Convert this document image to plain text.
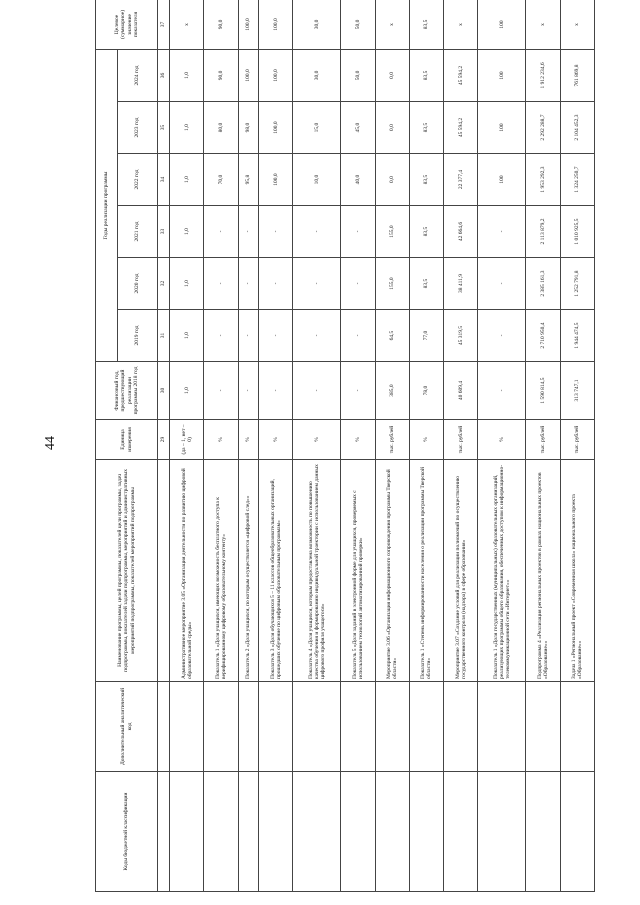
44
Коды бюджетной классификации	Дополнительный аналитический код	Наименование программы, целей программы, показателей цели программы, задач подпрограммы, показателей задачи подпрограммы, мероприятий и административных мероприятий подпрограммы, показателей мероприятий подпрограммы	Единица измерения	Финансовый год, предшествующий реализации программы 2018 год	Годы реализации программы						Целевое (суммарное) значение показателя
					2019 год	2020 год	2021 год	2022 год	2023 год	2024 год	
			29	30	31	32	33	34	35	36	37
		Административное мероприятие 3.05 «Организация деятельности по развитию цифровой образовательной среды»	(да – 1, нет – 0)	1,0	1,0	1,0	1,0	1,0	1,0	1,0	х
		Показатель 1 «Доля учащихся, имеющих возможность бесплатного доступа к верифицированному цифровому образовательному контенту»	%	-	-	-	-	70,0	80,0	90,0	90,0
		Показатель 2 «Доля учащихся, по которым осуществляется «цифровой след»»	%	-	-	-	-	95,8	98,0	100,0	100,0
		Показатель 3 «Доля обучающихся 5 – 11 классов общеобразовательных организаций, прошедших обучение по цифровым образовательным программам»	%	-	-	-	-	100,0	100,0	100,0	100,0
		Показатель 4 «Доля учащихся, которым предоставлена возможность по повышению качества обучения и формированию индивидуальной траектории с использованием данных цифрового профиля учащегося»	%	-	-	-	-	10,0	15,0	30,0	30,0
		Показатель 5 «Доля заданий в электронной форме для учащихся, проверяемых с использованием технологий автоматизированной проверки»	%	-	-	-	-	40,0	45,0	50,0	50,0
		Мероприятие 3.06 «Организация информационного сопровождения программы Тверской области»	тыс. рублей	385,0	64,5	155,0	155,0	0,0	0,0	0,0	х
		Показатель 1 «Степень информированности населения о реализации программы Тверской области»	%	78,0	77,0	83,5	83,5	83,5	83,5	83,5	83,5
		Мероприятие 3.07 «Создание условий для реализации полномочий по осуществлению государственного контроля (надзора) в сфере образования»	тыс. рублей	40 609,4	45 319,5	38 411,9	42 664,6	22 377,4	45 594,2	45 594,2	х
		Показатель 1 «Доля государственных (муниципальных) образовательных организаций, реализующих программы общего образования, обеспеченных доступом к информационно-телекоммуникационной сети «Интернет»»	%	-	-	-	-	100	100	100	100
		Подпрограмма 4 «Реализация региональных проектов в рамках национальных проектов «Образование»»	тыс. рублей	1 590 814,5	2 710 950,4	2 385 161,3	2 113 879,2	1 953 292,3	2 292 288,7	1 912 234,6	х
		Задача 1 «Региональный проект «Современная школа» национального проекта «Образование»»	тыс. рублей	313 747,1	1 944 474,5	1 252 791,8	1 010 925,5	1 324 250,7	2 104 452,3	761 869,8	х
